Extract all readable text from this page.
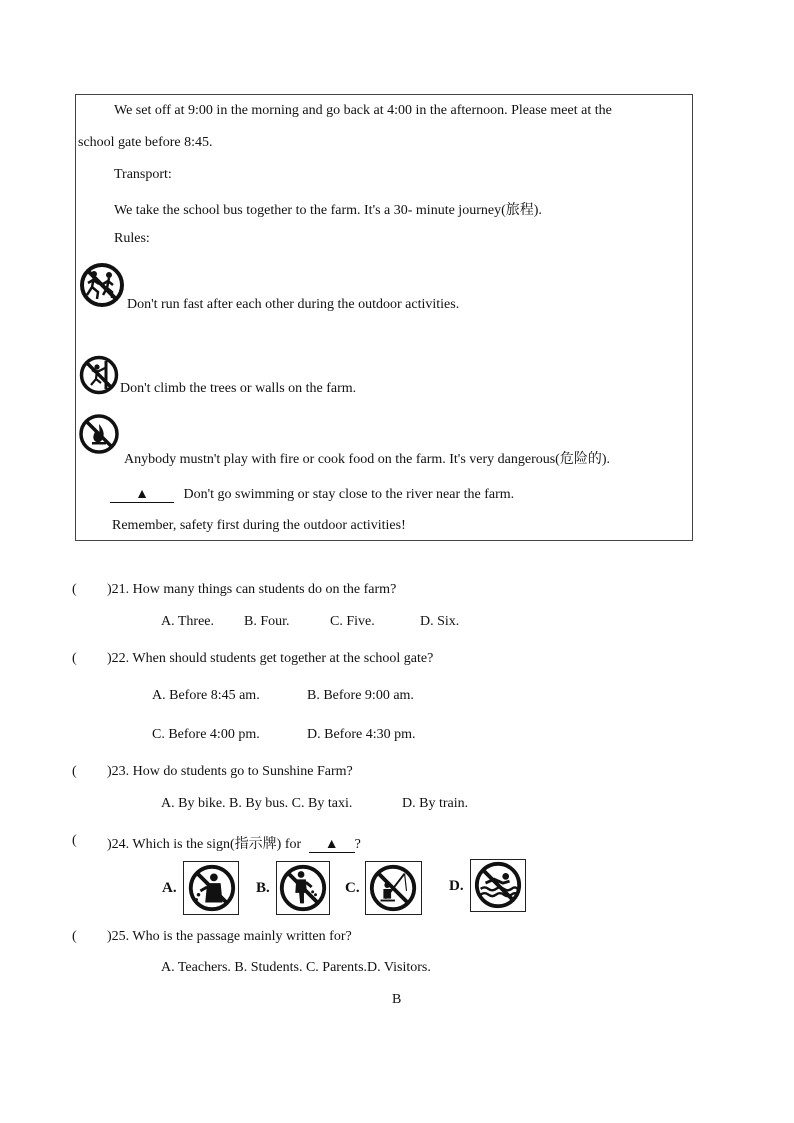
We set off at 9:00 in the morning and go back at 4:00 in the afternoon. Please meet at the
school gate before 8:45.
Transport:
We take the school bus together to the farm. It's a 30- minute journey(旅程).
Rules:
Don't run fast after each other during the outdoor activities.
Don't climb the trees or walls on the farm.
Anybody mustn't play with fire or cook food on the farm. It's very dangerous(危险的).
▲ Don't go swimming or stay close to the river near the farm.
Remember, safety first during the outdoor activities!
( )21. How many things can students do on the farm?
A. Three. B. Four.	C. Five.	D. Six.
( )22. When should students get together at the school gate?
A. Before 8:45 am.	B. Before 9:00 am.
C. Before 4:00 pm.	D. Before 4:30 pm.
( )23. How do students go to Sunshine Farm?
A. By bike. B. By bus. C. By taxi.	D. By train.
( )24. Which is the sign(指示牌) for ▲ ?
A.	B.	C.	D.
( )25. Who is the passage mainly written for?
A. Teachers. B. Students. C. Parents.D. Visitors.
B
